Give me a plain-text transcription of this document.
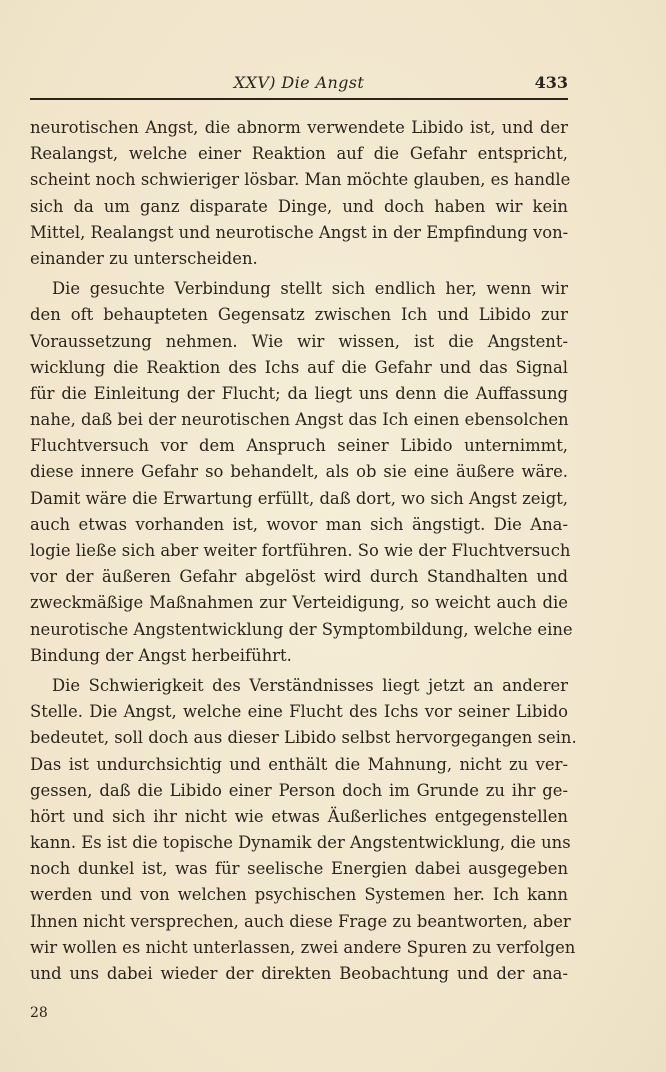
XXV) Die Angst	433
neurotischen Angst, die abnorm verwendete Libido ist, und der
Realangst, welche einer Reaktion auf die Gefahr entspricht,
scheint noch schwieriger lösbar. Man möchte glauben, es handle
sich da um ganz disparate Dinge, und doch haben wir kein
Mittel, Realangst und neurotische Angst in der Empfindung von-
einander zu unterscheiden.
Die gesuchte Verbindung stellt sich endlich her, wenn wir
den oft behaupteten Gegensatz zwischen Ich und Libido zur
Voraussetzung nehmen. Wie wir wissen, ist die Angstent-
wicklung die Reaktion des Ichs auf die Gefahr und das Signal
für die Einleitung der Flucht; da liegt uns denn die Auffassung
nahe, daß bei der neurotischen Angst das Ich einen ebensolchen
Fluchtversuch vor dem Anspruch seiner Libido unternimmt,
diese innere Gefahr so behandelt, als ob sie eine äußere wäre.
Damit wäre die Erwartung erfüllt, daß dort, wo sich Angst zeigt,
auch etwas vorhanden ist, wovor man sich ängstigt. Die Ana-
logie ließe sich aber weiter fortführen. So wie der Fluchtversuch
vor der äußeren Gefahr abgelöst wird durch Standhalten und
zweckmäßige Maßnahmen zur Verteidigung, so weicht auch die
neurotische Angstentwicklung der Symptombildung, welche eine
Bindung der Angst herbeiführt.
Die Schwierigkeit des Verständnisses liegt jetzt an anderer
Stelle. Die Angst, welche eine Flucht des Ichs vor seiner Libido
bedeutet, soll doch aus dieser Libido selbst hervorgegangen sein.
Das ist undurchsichtig und enthält die Mahnung, nicht zu ver-
gessen, daß die Libido einer Person doch im Grunde zu ihr ge-
hört und sich ihr nicht wie etwas Äußerliches entgegenstellen
kann. Es ist die topische Dynamik der Angstentwicklung, die uns
noch dunkel ist, was für seelische Energien dabei ausgegeben
werden und von welchen psychischen Systemen her. Ich kann
Ihnen nicht versprechen, auch diese Frage zu beantworten, aber
wir wollen es nicht unterlassen, zwei andere Spuren zu verfolgen
und uns dabei wieder der direkten Beobachtung und der ana-
28
